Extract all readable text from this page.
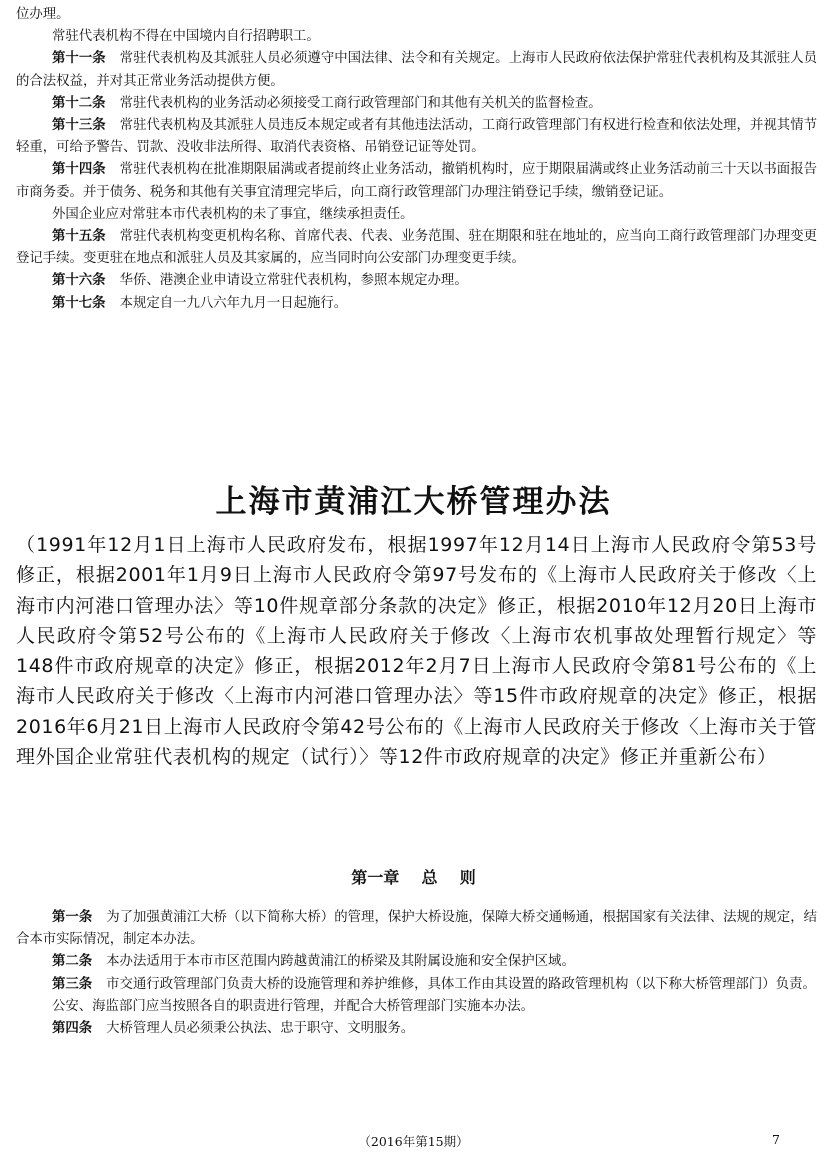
位办理。

常驻代表机构不得在中国境内自行招聘职工。

第十一条 常驻代表机构及其派驻人员必须遵守中国法律、法令和有关规定。上海市人民政府依法保护常驻代表机构及其派驻人员的合法权益，并对其正常业务活动提供方便。

第十二条 常驻代表机构的业务活动必须接受工商行政管理部门和其他有关机关的监督检查。

第十三条 常驻代表机构及其派驻人员违反本规定或者有其他违法活动，工商行政管理部门有权进行检查和依法处理，并视其情节轻重，可给予警告、罚款、没收非法所得、取消代表资格、吊销登记证等处罚。

第十四条 常驻代表机构在批准期限届满或者提前终止业务活动，撤销机构时，应于期限届满或终止业务活动前三十天以书面报告市商务委。并于债务、税务和其他有关事宜清理完毕后，向工商行政管理部门办理注销登记手续，缴销登记证。

外国企业应对常驻本市代表机构的未了事宜，继续承担责任。

第十五条 常驻代表机构变更机构名称、首席代表、代表、业务范围、驻在期限和驻在地址的，应当向工商行政管理部门办理变更登记手续。变更驻在地点和派驻人员及其家属的，应当同时向公安部门办理变更手续。

第十六条 华侨、港澳企业申请设立常驻代表机构，参照本规定办理。

第十七条 本规定自一九八六年九月一日起施行。

上海市黄浦江大桥管理办法

（1991年12月1日上海市人民政府发布，根据1997年12月14日上海市人民政府令第53号修正，根据2001年1月9日上海市人民政府令第97号发布的《上海市人民政府关于修改〈上海市内河港口管理办法〉等10件规章部分条款的决定》修正，根据2010年12月20日上海市人民政府令第52号公布的《上海市人民政府关于修改〈上海市农机事故处理暂行规定〉等148件市政府规章的决定》修正，根据2012年2月7日上海市人民政府令第81号公布的《上海市人民政府关于修改〈上海市内河港口管理办法〉等15件市政府规章的决定》修正，根据2016年6月21日上海市人民政府令第42号公布的《上海市人民政府关于修改〈上海市关于管理外国企业常驻代表机构的规定（试行）〉等12件市政府规章的决定》修正并重新公布）

第一章    总    则

第一条 为了加强黄浦江大桥（以下简称大桥）的管理，保护大桥设施，保障大桥交通畅通，根据国家有关法律、法规的规定，结合本市实际情况，制定本办法。

第二条 本办法适用于本市市区范围内跨越黄浦江的桥梁及其附属设施和安全保护区域。

第三条 市交通行政管理部门负责大桥的设施管理和养护维修，具体工作由其设置的路政管理机构（以下称大桥管理部门）负责。

公安、海监部门应当按照各自的职责进行管理，并配合大桥管理部门实施本办法。

第四条 大桥管理人员必须秉公执法、忠于职守、文明服务。

（2016年第15期）	7
